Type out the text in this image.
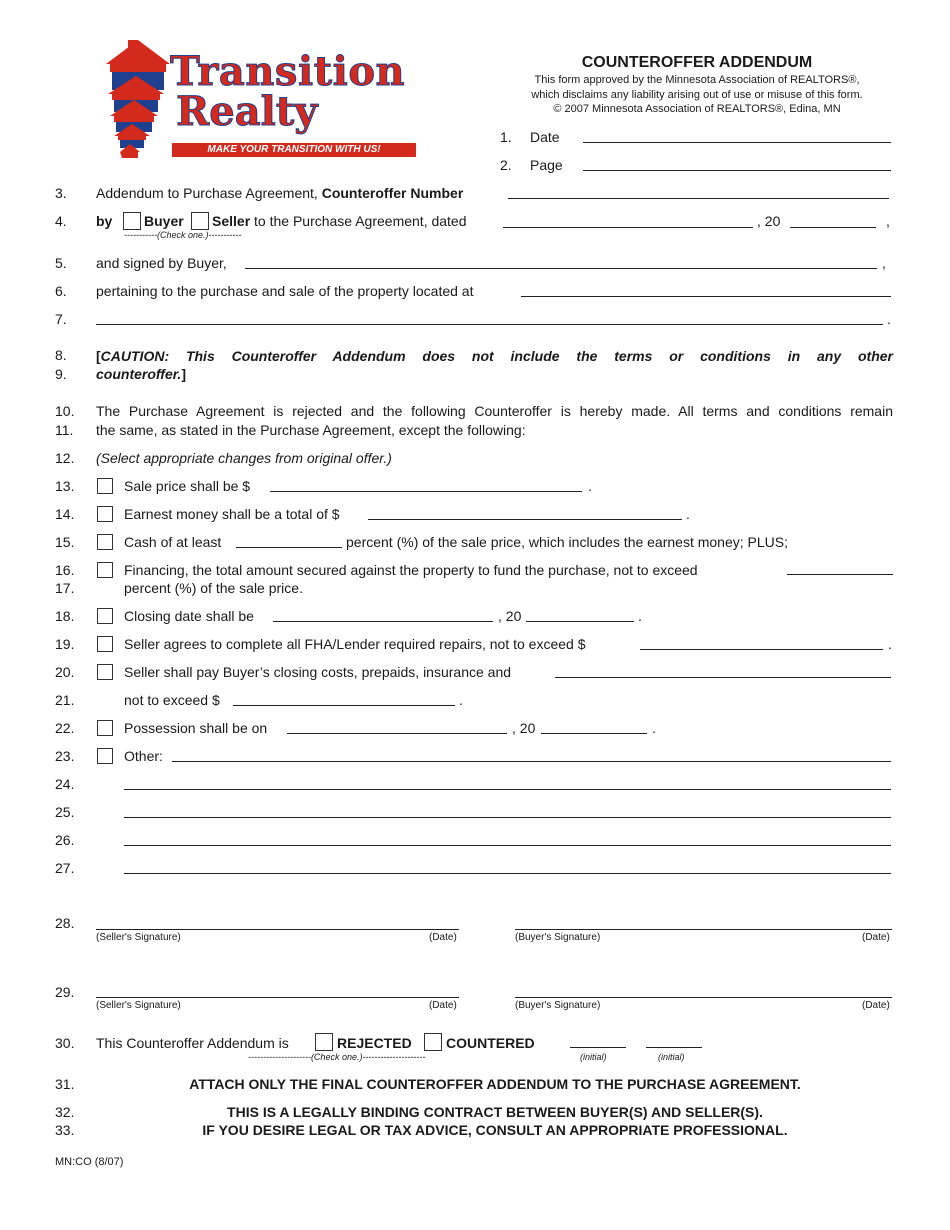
Transition
Realty
MAKE YOUR TRANSITION WITH US!
COUNTEROFFER ADDENDUM
This form approved by the Minnesota Association of REALTORS®,
which disclaims any liability arising out of use or misuse of this form.
© 2007 Minnesota Association of REALTORS®, Edina, MN
1. Date
2. Page
3. Addendum to Purchase Agreement, Counteroffer Number
4. by Buyer Seller to the Purchase Agreement, dated	, 20	,
-----------(Check one.)-----------
5. and signed by Buyer,	,
6. pertaining to the purchase and sale of the property located at
7.	.
8.
9.
[CAUTION: This Counteroffer Addendum does not include the terms or conditions in any other
counteroffer.]
10.
11.
The Purchase Agreement is rejected and the following Counteroffer is hereby made. All terms and conditions remain
the same, as stated in the Purchase Agreement, except the following:
12. (Select appropriate changes from original offer.)
13.	Sale price shall be $	.
14.	Earnest money shall be a total of $	.
15.	Cash of at least	percent (%) of the sale price, which includes the earnest money; PLUS;
16.
17.
Financing, the total amount secured against the property to fund the purchase, not to exceed
percent (%) of the sale price.
18.	Closing date shall be	, 20	.
19.	Seller agrees to complete all FHA/Lender required repairs, not to exceed $	.
20.	Seller shall pay Buyer’s closing costs, prepaids, insurance and
21.	not to exceed $	.
22.	Possession shall be on	, 20	.
23.	Other:
24.
25.
26.
27.
28.
(Seller's Signature)	(Date)	(Buyer's Signature)	(Date)
29.
(Seller's Signature)	(Date)	(Buyer's Signature)	(Date)
30. This Counteroffer Addendum is	REJECTED COUNTERED
---------------------(Check one.)---------------------	(initial)	(initial)
31.	ATTACH ONLY THE FINAL COUNTEROFFER ADDENDUM TO THE PURCHASE AGREEMENT.
32.	THIS IS A LEGALLY BINDING CONTRACT BETWEEN BUYER(S) AND SELLER(S).
33.	IF YOU DESIRE LEGAL OR TAX ADVICE, CONSULT AN APPROPRIATE PROFESSIONAL.
MN:CO (8/07)
